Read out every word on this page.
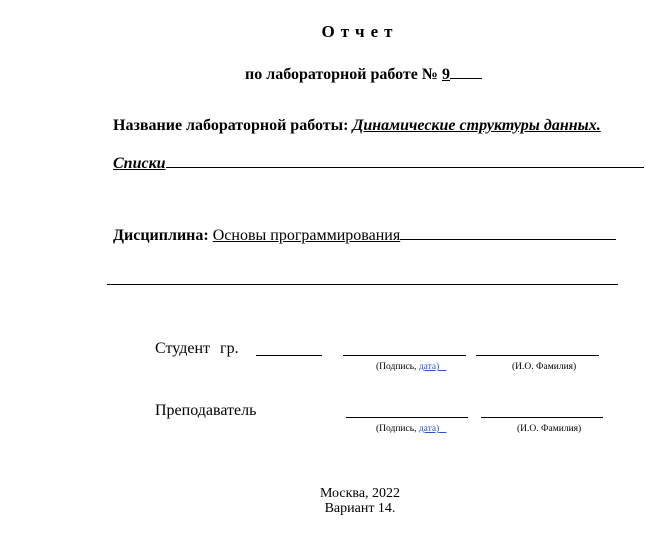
Отчет
по лабораторной работе № 9
Название лабораторной работы: Динамические структуры данных.
Списки
Дисциплина: Основы программирования
Студент гр.
(Подпись, дата)	(И.О. Фамилия)
Преподаватель
(Подпись, дата)	(И.О. Фамилия)
Москва, 2022
Вариант 14.
